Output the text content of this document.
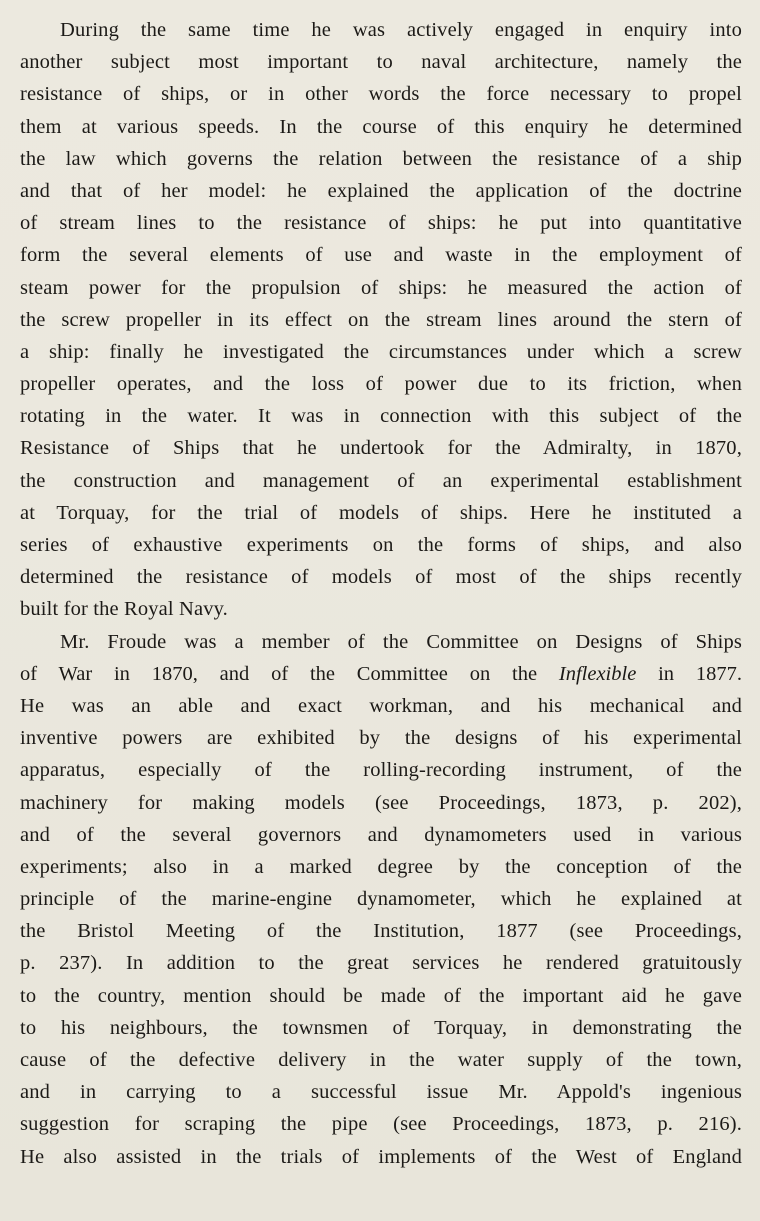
During the same time he was actively engaged in enquiry into
another subject most important to naval architecture, namely the
resistance of ships, or in other words the force necessary to propel
them at various speeds. In the course of this enquiry he determined
the law which governs the relation between the resistance of a ship
and that of her model: he explained the application of the doctrine
of stream lines to the resistance of ships: he put into quantitative
form the several elements of use and waste in the employment of
steam power for the propulsion of ships: he measured the action of
the screw propeller in its effect on the stream lines around the stern of
a ship: finally he investigated the circumstances under which a screw
propeller operates, and the loss of power due to its friction, when
rotating in the water. It was in connection with this subject of the
Resistance of Ships that he undertook for the Admiralty, in 1870,
the construction and management of an experimental establishment
at Torquay, for the trial of models of ships. Here he instituted a
series of exhaustive experiments on the forms of ships, and also
determined the resistance of models of most of the ships recently
built for the Royal Navy.
Mr. Froude was a member of the Committee on Designs of Ships
of War in 1870, and of the Committee on the Inflexible in 1877.
He was an able and exact workman, and his mechanical and
inventive powers are exhibited by the designs of his experimental
apparatus, especially of the rolling-recording instrument, of the
machinery for making models (see Proceedings, 1873, p. 202),
and of the several governors and dynamometers used in various
experiments; also in a marked degree by the conception of the
principle of the marine-engine dynamometer, which he explained at
the Bristol Meeting of the Institution, 1877 (see Proceedings,
p. 237). In addition to the great services he rendered gratuitously
to the country, mention should be made of the important aid he gave
to his neighbours, the townsmen of Torquay, in demonstrating the
cause of the defective delivery in the water supply of the town,
and in carrying to a successful issue Mr. Appold's ingenious
suggestion for scraping the pipe (see Proceedings, 1873, p. 216).
He also assisted in the trials of implements of the West of England
